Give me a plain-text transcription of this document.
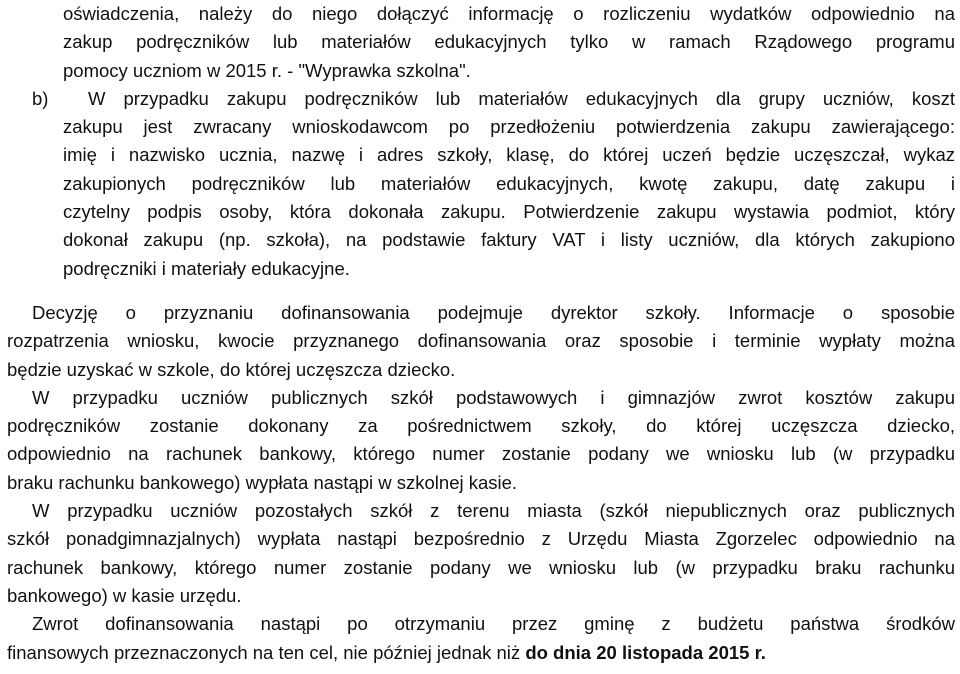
oświadczenia, należy do niego dołączyć informację o rozliczeniu wydatków odpowiednio na
zakup podręczników lub materiałów edukacyjnych tylko w ramach Rządowego programu
pomocy uczniom w 2015 r. - "Wyprawka szkolna".
b) W przypadku zakupu podręczników lub materiałów edukacyjnych dla grupy uczniów, koszt
zakupu jest zwracany wnioskodawcom po przedłożeniu potwierdzenia zakupu zawierającego:
imię i nazwisko ucznia, nazwę i adres szkoły, klasę, do której uczeń będzie uczęszczał, wykaz
zakupionych podręczników lub materiałów edukacyjnych, kwotę zakupu, datę zakupu i
czytelny podpis osoby, która dokonała zakupu. Potwierdzenie zakupu wystawia podmiot, który
dokonał zakupu (np. szkoła), na podstawie faktury VAT i listy uczniów, dla których zakupiono
podręczniki i materiały edukacyjne.
Decyzję o przyznaniu dofinansowania podejmuje dyrektor szkoły. Informacje o sposobie
rozpatrzenia wniosku, kwocie przyznanego dofinansowania oraz sposobie i terminie wypłaty można
będzie uzyskać w szkole, do której uczęszcza dziecko.
W przypadku uczniów publicznych szkół podstawowych i gimnazjów zwrot kosztów zakupu
podręczników zostanie dokonany za pośrednictwem szkoły, do której uczęszcza dziecko,
odpowiednio na rachunek bankowy, którego numer zostanie podany we wniosku lub (w przypadku
braku rachunku bankowego) wypłata nastąpi w szkolnej kasie.
W przypadku uczniów pozostałych szkół z terenu miasta (szkół niepublicznych oraz publicznych
szkół ponadgimnazjalnych) wypłata nastąpi bezpośrednio z Urzędu Miasta Zgorzelec odpowiednio na
rachunek bankowy, którego numer zostanie podany we wniosku lub (w przypadku braku rachunku
bankowego) w kasie urzędu.
Zwrot dofinansowania nastąpi po otrzymaniu przez gminę z budżetu państwa środków
finansowych przeznaczonych na ten cel, nie później jednak niż do dnia 20 listopada 2015 r.
